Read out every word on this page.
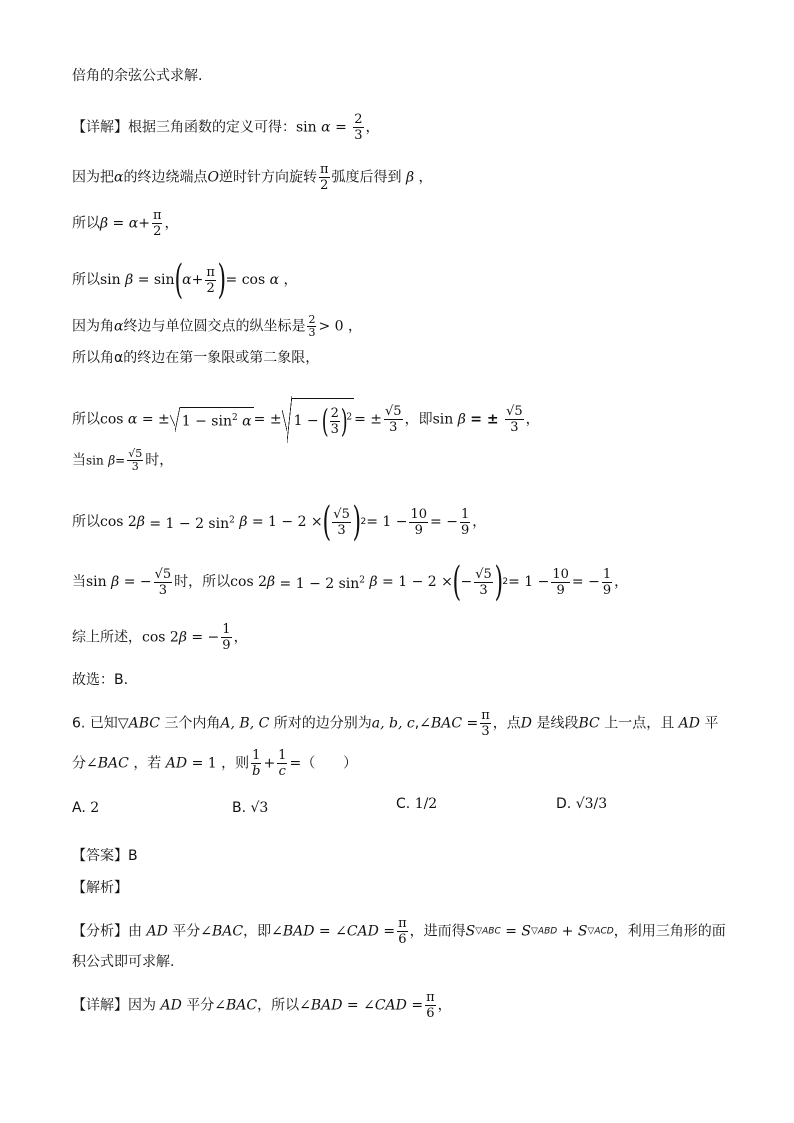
倍角的余弦公式求解.
【详解】根据三角函数的定义可得：$\sin \alpha = \frac{2}{3}$ ，
因为把α的终边绕端点O逆时针方向旋转 $\frac{\pi}{2}$ 弧度后得到 β ，
所以$\beta = \alpha+ \frac{\pi}{2}$ ，
所以$\sin \beta = \sin(\alpha+ \frac{\pi}{2}$ )= cos α ，
因为角α终边与单位圆交点的纵坐标是 $\frac{2}{3} > 0$ ，
所以角α的终边在第一象限或第二象限，
所以cos α = ± $1 - \sin^2 \alpha$ = ± 1 − ( $\frac{2}{3} )^2$ = ± $\frac{√5}{3}$ ，即sin β = ± $\frac{√5}{3}$ ，
当$\sin \beta= \frac{√5}{3}$ 时，
所以cos 2β = 1 − 2 $\sin^2 \beta = 1 - 2$ ×( $\frac{√5}{3} )2= 1 - \frac{10}{9}$ = − $\frac{1}{9}$ ，
当sin β = − $\frac{√5}{3}$ 时，所以cos 2β = 1 − 2 $\sin^2 \beta = 1 - 2$ ×(− $\frac{√5}{3} )2= 1 - \frac{10}{9}$ = − $\frac{1}{9}$ ，
综上所述，cos 2β = − $\frac{1}{9}$ ，
故选：B.
6. 已知▽ABC 三个内角A, B, C 所对的边分别为a, b, c,∠BAC = $\frac{\pi}{3}$ ，点D 是线段BC 上一点，且 AD 平
分∠BAC ，若 AD = 1 ，则 $\frac{1}{b} + \frac{1}{c}$ =（　　）
A. 2	B. √3	C. 1/2	D. √3/3
【答案】B
【解析】
【分析】由 AD 平分∠BAC，即∠BAD = ∠CAD = $\frac{\pi}{6}$ ，进而得S▽ABC = S▽ABD + S▽ACD，利用三角形的面
积公式即可求解.
【详解】因为 AD 平分∠BAC，所以∠BAD = ∠CAD = $\frac{\pi}{6}$ ，
